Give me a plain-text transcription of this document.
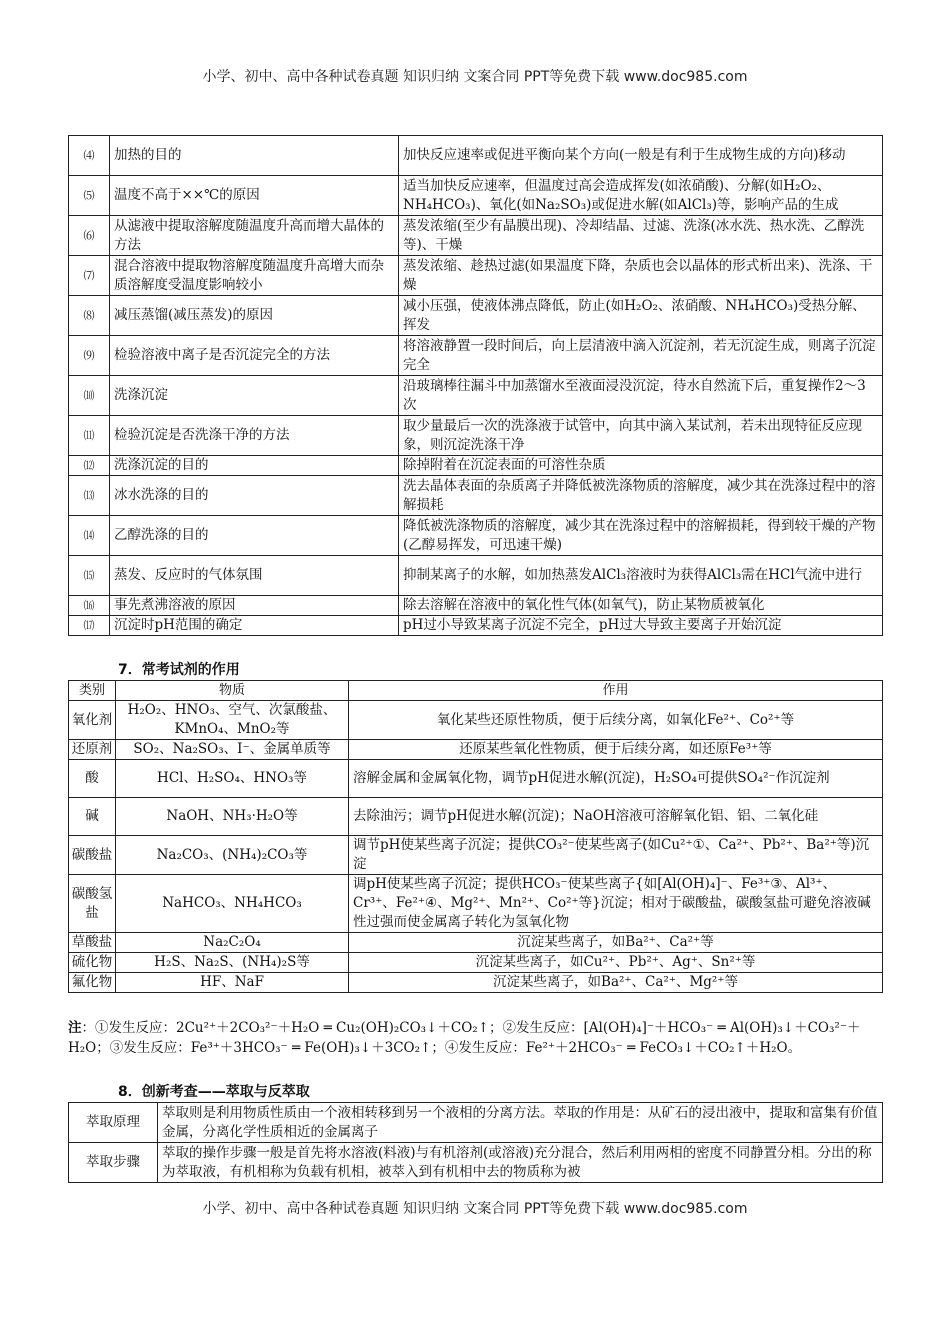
小学、初中、高中各种试卷真题 知识归纳 文案合同 PPT等免费下载 www.doc985.com
⑷	加热的目的	加快反应速率或促进平衡向某个方向(一般是有利于生成物生成的方向)移动
⑸	温度不高于××℃的原因	适当加快反应速率，但温度过高会造成挥发(如浓硝酸)、分解(如H₂O₂、NH₄HCO₃)、氧化(如Na₂SO₃)或促进水解(如AlCl₃)等，影响产品的生成
⑹	从滤液中提取溶解度随温度升高而增大晶体的方法	蒸发浓缩(至少有晶膜出现)、冷却结晶、过滤、洗涤(冰水洗、热水洗、乙醇洗等)、干燥
⑺	混合溶液中提取物溶解度随温度升高增大而杂质溶解度受温度影响较小	蒸发浓缩、趁热过滤(如果温度下降，杂质也会以晶体的形式析出来)、洗涤、干燥
⑻	减压蒸馏(减压蒸发)的原因	减小压强，使液体沸点降低，防止(如H₂O₂、浓硝酸、NH₄HCO₃)受热分解、挥发
⑼	检验溶液中离子是否沉淀完全的方法	将溶液静置一段时间后，向上层清液中滴入沉淀剂，若无沉淀生成，则离子沉淀完全
⑽	洗涤沉淀	沿玻璃棒往漏斗中加蒸馏水至液面浸没沉淀，待水自然流下后，重复操作2～3次
⑾	检验沉淀是否洗涤干净的方法	取少量最后一次的洗涤液于试管中，向其中滴入某试剂，若未出现特征反应现象，则沉淀洗涤干净
⑿	洗涤沉淀的目的	除掉附着在沉淀表面的可溶性杂质
⒀	冰水洗涤的目的	洗去晶体表面的杂质离子并降低被洗涤物质的溶解度，减少其在洗涤过程中的溶解损耗
⒁	乙醇洗涤的目的	降低被洗涤物质的溶解度，减少其在洗涤过程中的溶解损耗，得到较干燥的产物(乙醇易挥发，可迅速干燥)
⒂	蒸发、反应时的气体氛围	抑制某离子的水解，如加热蒸发AlCl₃溶液时为获得AlCl₃需在HCl气流中进行
⒃	事先煮沸溶液的原因	除去溶解在溶液中的氧化性气体(如氧气)，防止某物质被氧化
⒄	沉淀时pH范围的确定	pH过小导致某离子沉淀不完全，pH过大导致主要离子开始沉淀
7．常考试剂的作用
类别	物质	作用
氧化剂	H₂O₂、HNO₃、空气、次氯酸盐、KMnO₄、MnO₂等	氧化某些还原性物质，便于后续分离，如氧化Fe²⁺、Co²⁺等
还原剂	SO₂、Na₂SO₃、I⁻、金属单质等	还原某些氧化性物质，便于后续分离，如还原Fe³⁺等
酸	HCl、H₂SO₄、HNO₃等	溶解金属和金属氧化物，调节pH促进水解(沉淀)，H₂SO₄可提供SO₄²⁻作沉淀剂
碱	NaOH、NH₃·H₂O等	去除油污；调节pH促进水解(沉淀)；NaOH溶液可溶解氧化铝、铝、二氧化硅
碳酸盐	Na₂CO₃、(NH₄)₂CO₃等	调节pH使某些离子沉淀；提供CO₃²⁻使某些离子(如Cu²⁺①、Ca²⁺、Pb²⁺、Ba²⁺等)沉淀
碳酸氢盐	NaHCO₃、NH₄HCO₃	调pH使某些离子沉淀；提供HCO₃⁻使某些离子{如[Al(OH)₄]⁻、Fe³⁺③、Al³⁺、Cr³⁺、Fe²⁺④、Mg²⁺、Mn²⁺、Co²⁺等}沉淀；相对于碳酸盐，碳酸氢盐可避免溶液碱性过强而使金属离子转化为氢氧化物
草酸盐	Na₂C₂O₄	沉淀某些离子，如Ba²⁺、Ca²⁺等
硫化物	H₂S、Na₂S、(NH₄)₂S等	沉淀某些离子，如Cu²⁺、Pb²⁺、Ag⁺、Sn²⁺等
氟化物	HF、NaF	沉淀某些离子，如Ba²⁺、Ca²⁺、Mg²⁺等
注：①发生反应：2Cu²⁺＋2CO₃²⁻＋H₂O ═ Cu₂(OH)₂CO₃↓＋CO₂↑；②发生反应：[Al(OH)₄]⁻＋HCO₃⁻ ═ Al(OH)₃↓＋CO₃²⁻＋H₂O；③发生反应：Fe³⁺＋3HCO₃⁻ ═ Fe(OH)₃↓＋3CO₂↑；④发生反应：Fe²⁺＋2HCO₃⁻ ═ FeCO₃↓＋CO₂↑＋H₂O。
8．创新考查——萃取与反萃取
萃取原理	萃取则是利用物质性质由一个液相转移到另一个液相的分离方法。萃取的作用是：从矿石的浸出液中，提取和富集有价值金属，分离化学性质相近的金属离子
萃取步骤	萃取的操作步骤一般是首先将水溶液(料液)与有机溶剂(或溶液)充分混合，然后利用两相的密度不同静置分相。分出的称为萃取液，有机相称为负载有机相，被萃入到有机相中去的物质称为被
小学、初中、高中各种试卷真题 知识归纳 文案合同 PPT等免费下载 www.doc985.com
